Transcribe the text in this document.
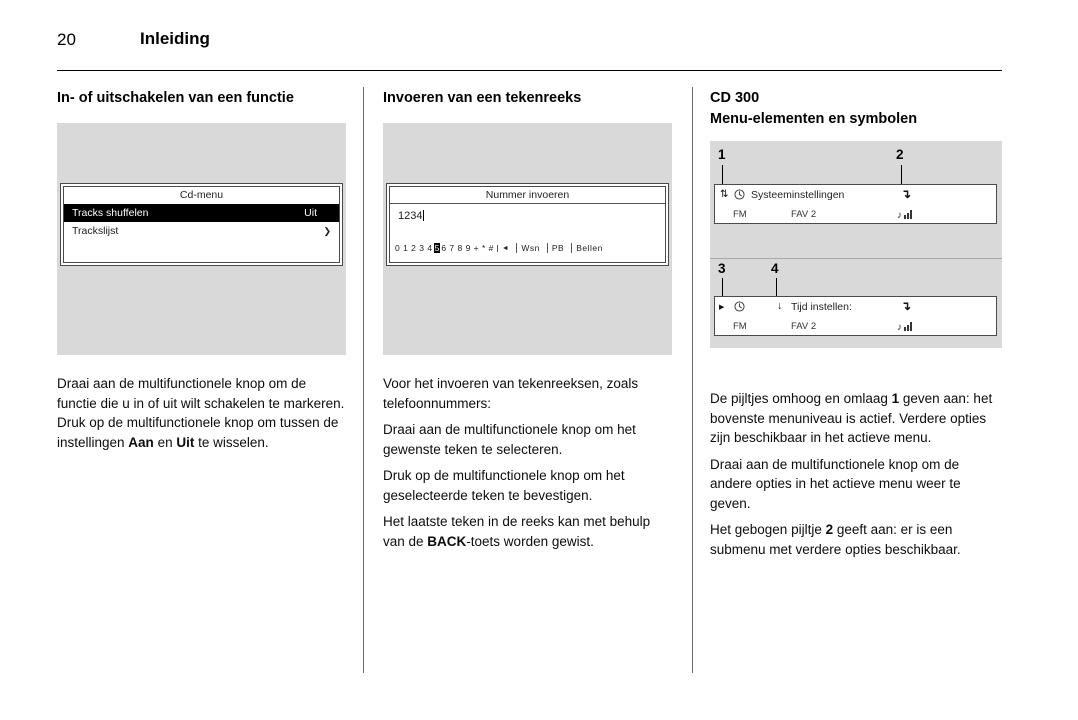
20	Inleiding
In- of uitschakelen van een functie
Cd-menu
Tracks shuffelen	Uit
Trackslijst	❯

Draai aan de multifunctionele knop om de functie die u in of uit wilt schakelen te markeren. Druk op de multifunctionele knop om tussen de instellingen Aan en Uit te wisselen.

Invoeren van een tekenreeks
Nummer invoeren
1234
0 1 2 3 4 5 6 7 8 9 + * #	◄	Wsn	PB	Bellen

Voor het invoeren van tekenreeksen, zoals telefoonnummers:

Draai aan de multifunctionele knop om het gewenste teken te selecteren.

Druk op de multifunctionele knop om het geselecteerde teken te bevestigen.

Het laatste teken in de reeks kan met behulp van de BACK-toets worden gewist.

CD 300
Menu-elementen en symbolen
1	2
⇅ Systeeminstellingen	↴
FM	FAV 2	♪
3	4
▶	↓ Tijd instellen:	↴
FM	FAV 2	♪

De pijltjes omhoog en omlaag 1 geven aan: het bovenste menuniveau is actief. Verdere opties zijn beschikbaar in het actieve menu.

Draai aan de multifunctionele knop om de andere opties in het actieve menu weer te geven.

Het gebogen pijltje 2 geeft aan: er is een submenu met verdere opties beschikbaar.
